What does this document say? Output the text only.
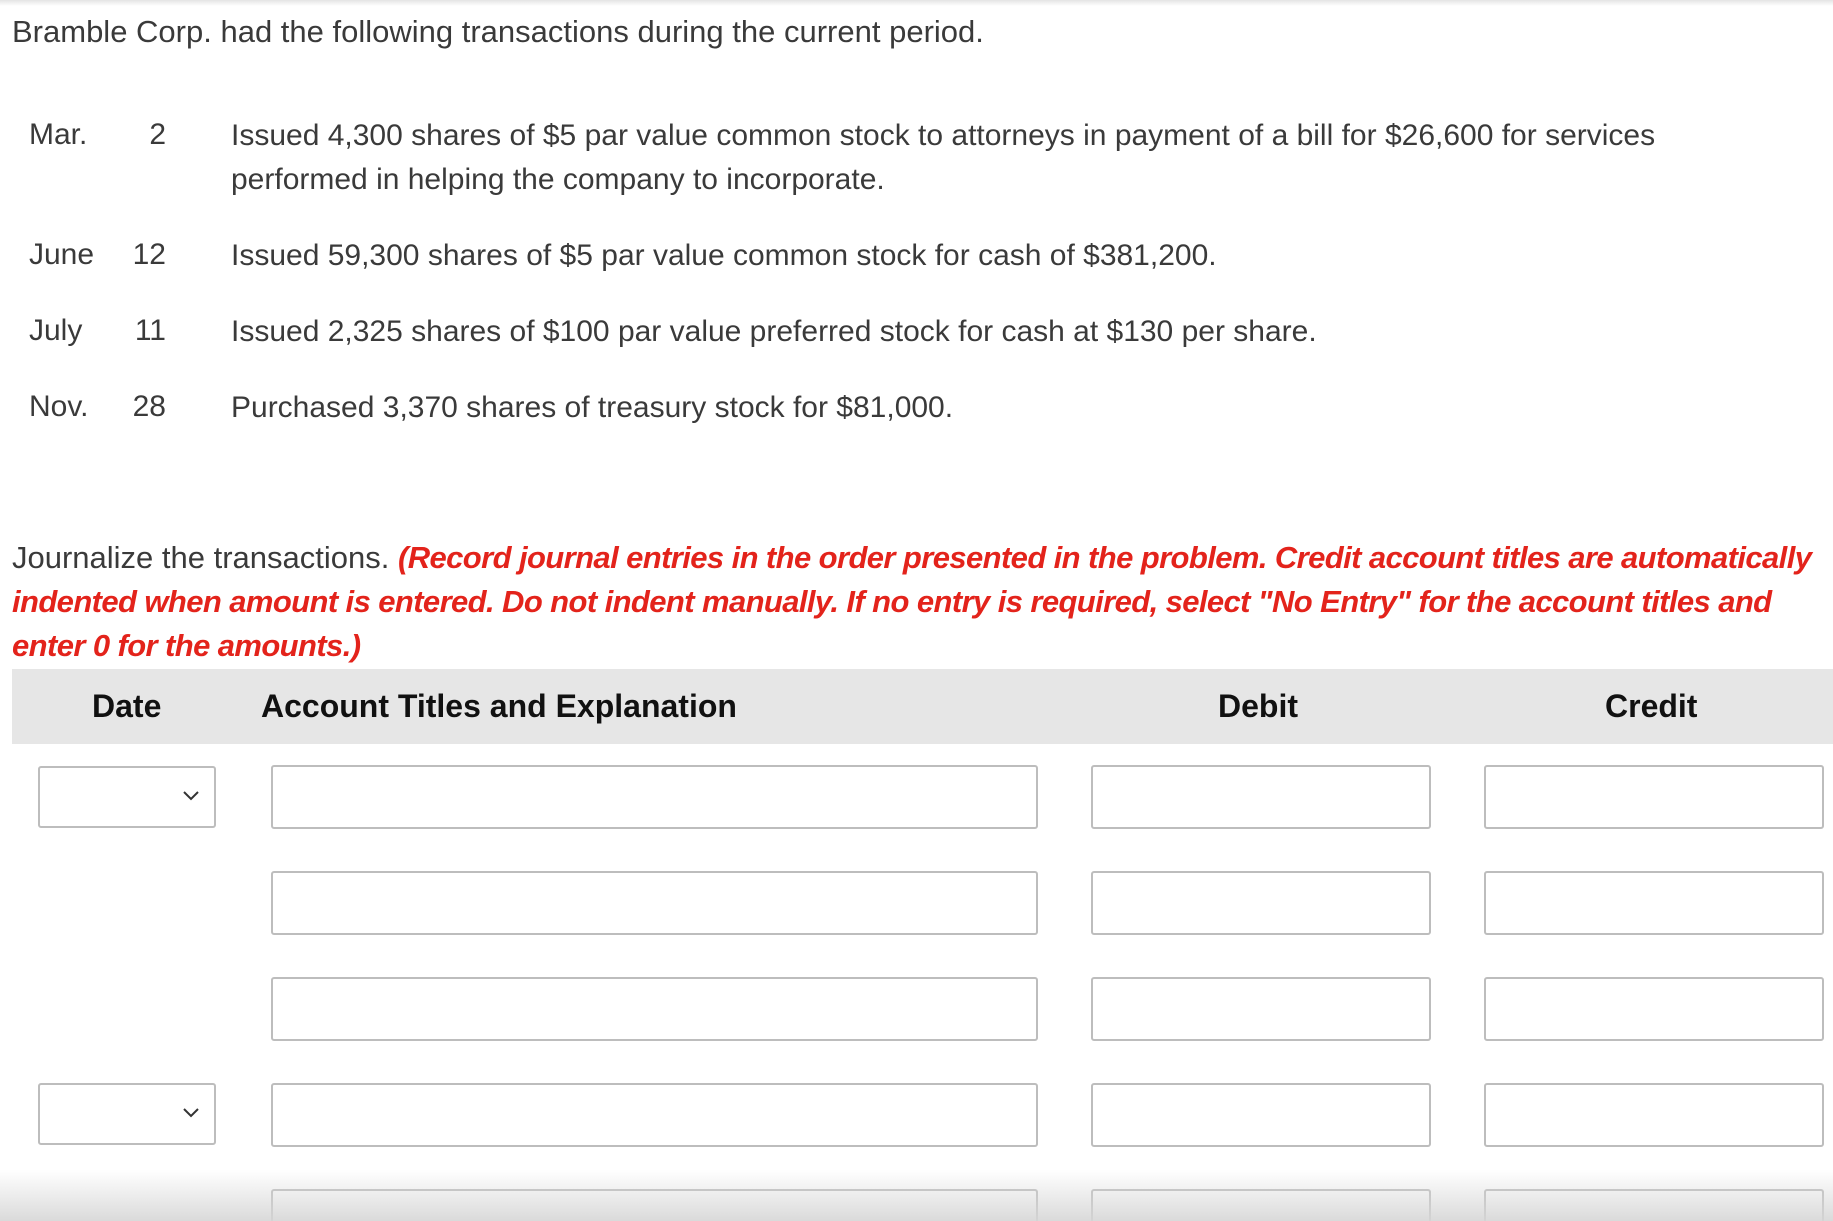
Bramble Corp. had the following transactions during the current period.
Mar.	2 Issued 4,300 shares of $5 par value common stock to attorneys in payment of a bill for $26,600 for services performed in helping the company to incorporate.
June	12 Issued 59,300 shares of $5 par value common stock for cash of $381,200.
July	11 Issued 2,325 shares of $100 par value preferred stock for cash at $130 per share.
Nov.	28 Purchased 3,370 shares of treasury stock for $81,000.
Journalize the transactions. (Record journal entries in the order presented in the problem. Credit account titles are automatically indented when amount is entered. Do not indent manually. If no entry is required, select "No Entry" for the account titles and enter 0 for the amounts.)
Date	Account Titles and Explanation	Debit	Credit
